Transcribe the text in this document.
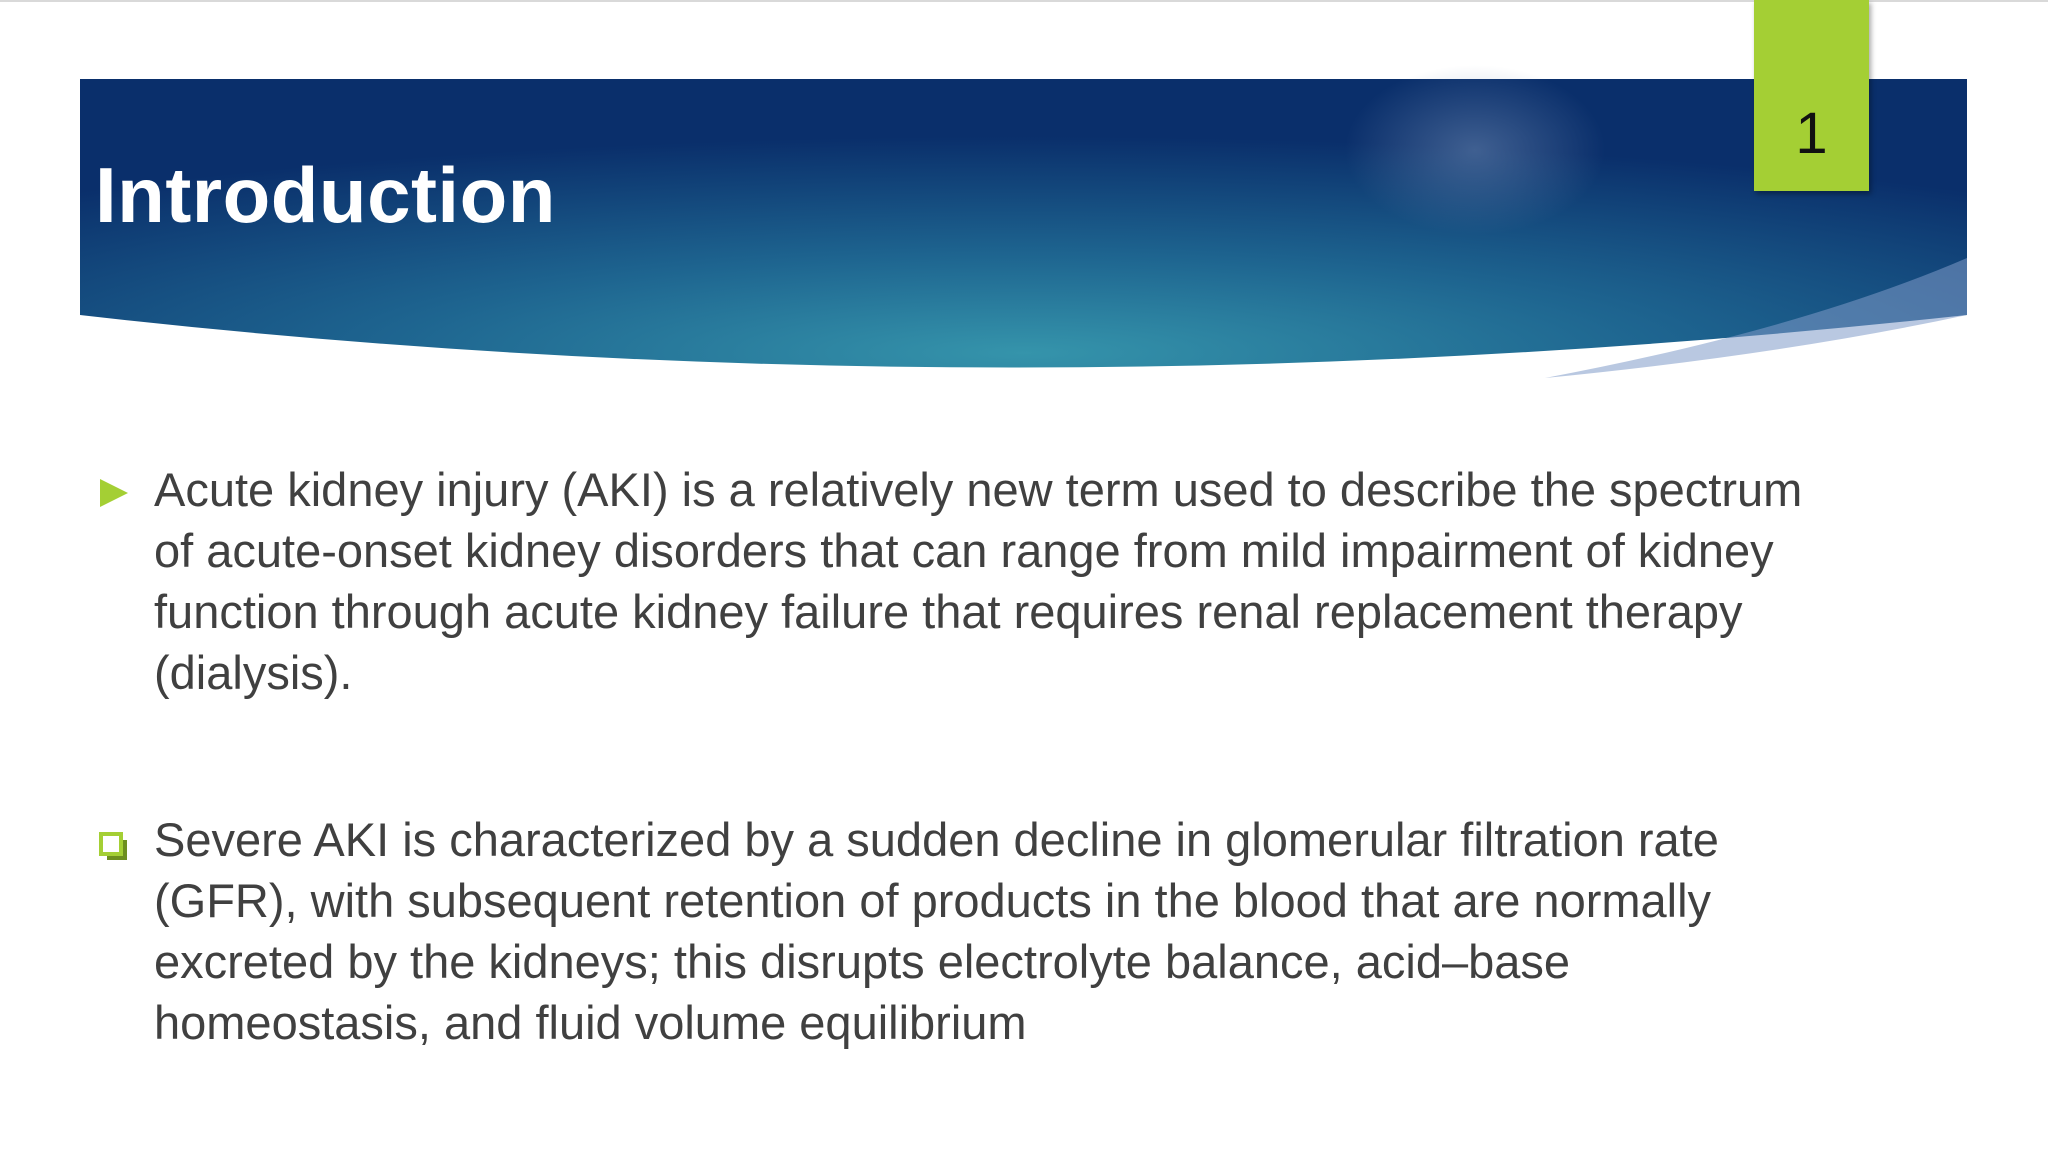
Introduction
1
Acute kidney injury (AKI) is a relatively new term used to describe the spectrum
of acute-onset kidney disorders that can range from mild impairment of kidney
function through acute kidney failure that requires renal replacement therapy
(dialysis).
Severe AKI is characterized by a sudden decline in glomerular filtration rate
(GFR), with subsequent retention of products in the blood that are normally
excreted by the kidneys; this disrupts electrolyte balance, acid–base
homeostasis, and fluid volume equilibrium
